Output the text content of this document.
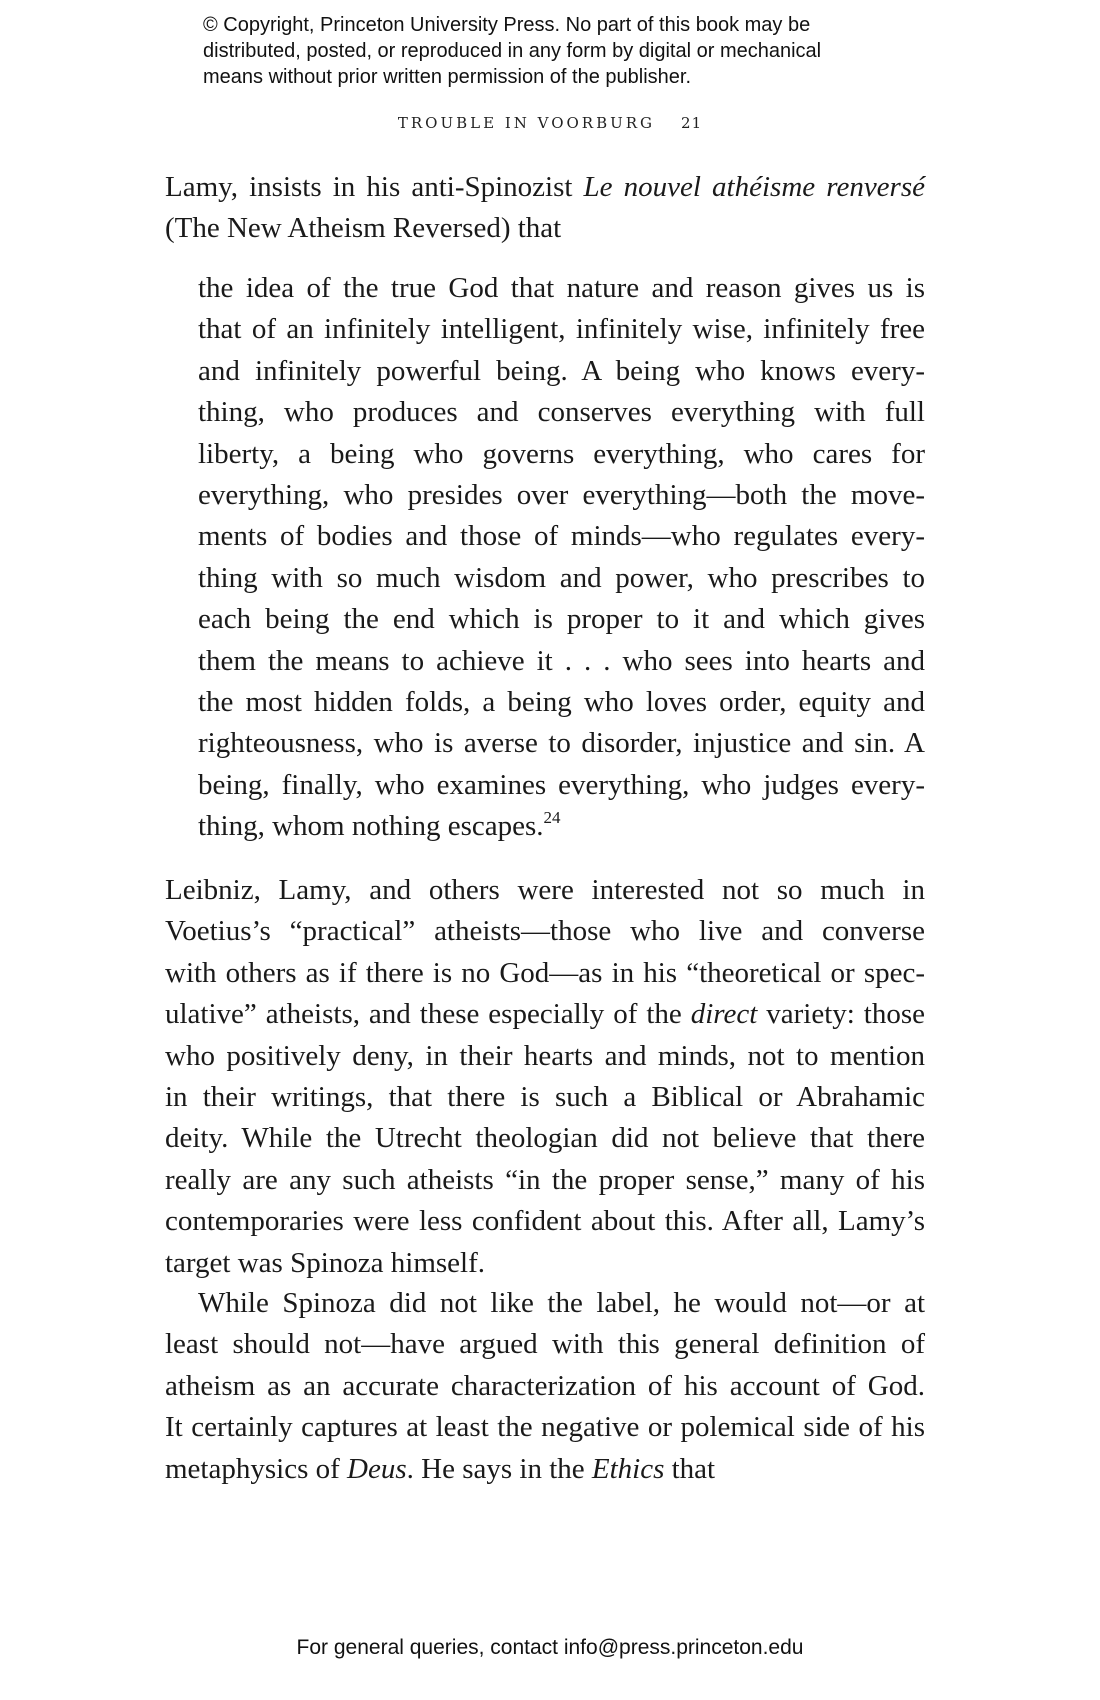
© Copyright, Princeton University Press. No part of this book may be
distributed, posted, or reproduced in any form by digital or mechanical
means without prior written permission of the publisher.
TROUBLE IN VOORBURG 21
Lamy, insists in his anti-Spinozist Le nouvel athéisme renversé
(The New Atheism Reversed) that
the idea of the true God that nature and reason gives us is
that of an infinitely intelligent, infinitely wise, infinitely free
and infinitely powerful being. A being who knows every-
thing, who produces and conserves everything with full
liberty, a being who governs everything, who cares for
everything, who presides over everything—both the move-
ments of bodies and those of minds—who regulates every-
thing with so much wisdom and power, who prescribes to
each being the end which is proper to it and which gives
them the means to achieve it . . . who sees into hearts and
the most hidden folds, a being who loves order, equity and
righteousness, who is averse to disorder, injustice and sin. A
being, finally, who examines everything, who judges every-
thing, whom nothing escapes.$^{24}$
Leibniz, Lamy, and others were interested not so much in
Voetius’s “practical” atheists—those who live and converse
with others as if there is no God—as in his “theoretical or spec-
ulative” atheists, and these especially of the direct variety: those
who positively deny, in their hearts and minds, not to mention
in their writings, that there is such a Biblical or Abrahamic
deity. While the Utrecht theologian did not believe that there
really are any such atheists “in the proper sense,” many of his
contemporaries were less confident about this. After all, Lamy’s
target was Spinoza himself.
While Spinoza did not like the label, he would not—or at
least should not—have argued with this general definition of
atheism as an accurate characterization of his account of God.
It certainly captures at least the negative or polemical side of his
metaphysics of Deus. He says in the Ethics that
For general queries, contact info@press.princeton.edu
